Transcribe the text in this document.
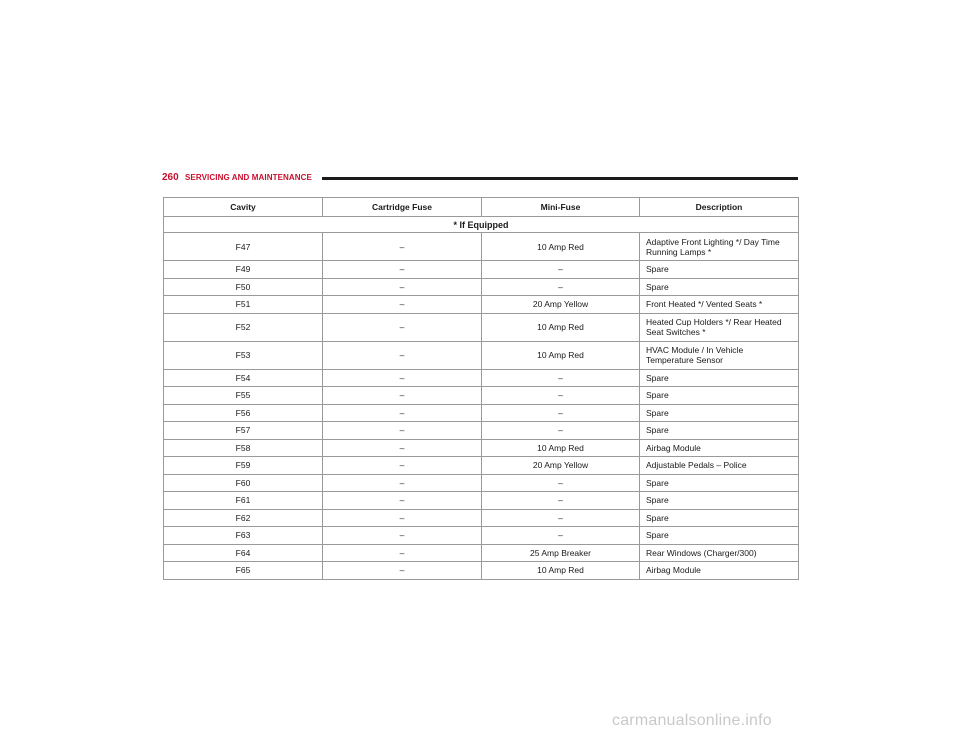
260 SERVICING AND MAINTENANCE
Cavity	Cartridge Fuse	Mini-Fuse	Description
* If Equipped			
F47	–	10 Amp Red	Adaptive Front Lighting */ Day Time Running Lamps *
F49	–	–	Spare
F50	–	–	Spare
F51	–	20 Amp Yellow	Front Heated */ Vented Seats *
F52	–	10 Amp Red	Heated Cup Holders */ Rear Heated Seat Switches *
F53	–	10 Amp Red	HVAC Module / In Vehicle Temperature Sensor
F54	–	–	Spare
F55	–	–	Spare
F56	–	–	Spare
F57	–	–	Spare
F58	–	10 Amp Red	Airbag Module
F59	–	20 Amp Yellow	Adjustable Pedals – Police
F60	–	–	Spare
F61	–	–	Spare
F62	–	–	Spare
F63	–	–	Spare
F64	–	25 Amp Breaker	Rear Windows (Charger/300)
F65	–	10 Amp Red	Airbag Module
carmanualsonline.info
